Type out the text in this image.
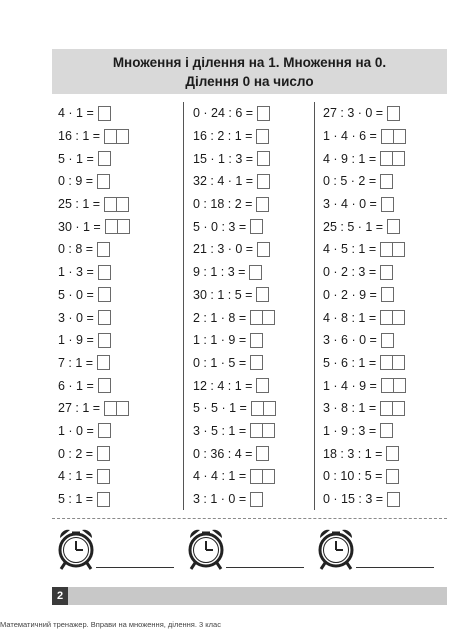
Множення і ділення на 1. Множення на 0.
Ділення 0 на число
4 · 1 =
16 : 1 =
5 · 1 =
0 : 9 =
25 : 1 =
30 · 1 =
0 : 8 =
1 · 3 =
5 · 0 =
3 · 0 =
1 · 9 =
7 : 1 =
6 · 1 =
27 : 1 =
1 · 0 =
0 : 2 =
4 : 1 =
5 : 1 =
0 · 24 : 6 =
16 : 2 : 1 =
15 · 1 : 3 =
32 : 4 · 1 =
0 : 18 : 2 =
5 · 0 : 3 =
21 : 3 · 0 =
9 : 1 : 3 =
30 : 1 : 5 =
2 : 1 · 8 =
1 : 1 · 9 =
0 : 1 · 5 =
12 : 4 : 1 =
5 · 5 · 1 =
3 · 5 : 1 =
0 : 36 : 4 =
4 · 4 : 1 =
3 : 1 · 0 =
27 : 3 · 0 =
1 · 4 · 6 =
4 · 9 : 1 =
0 : 5 · 2 =
3 · 4 · 0 =
25 : 5 · 1 =
4 · 5 : 1 =
0 · 2 : 3 =
0 · 2 · 9 =
4 · 8 : 1 =
3 · 6 · 0 =
5 · 6 : 1 =
1 · 4 · 9 =
3 · 8 : 1 =
1 · 9 : 3 =
18 : 3 : 1 =
0 : 10 : 5 =
0 · 15 : 3 =
2
Математичний тренажер. Вправи на множення, ділення. 3 клас
